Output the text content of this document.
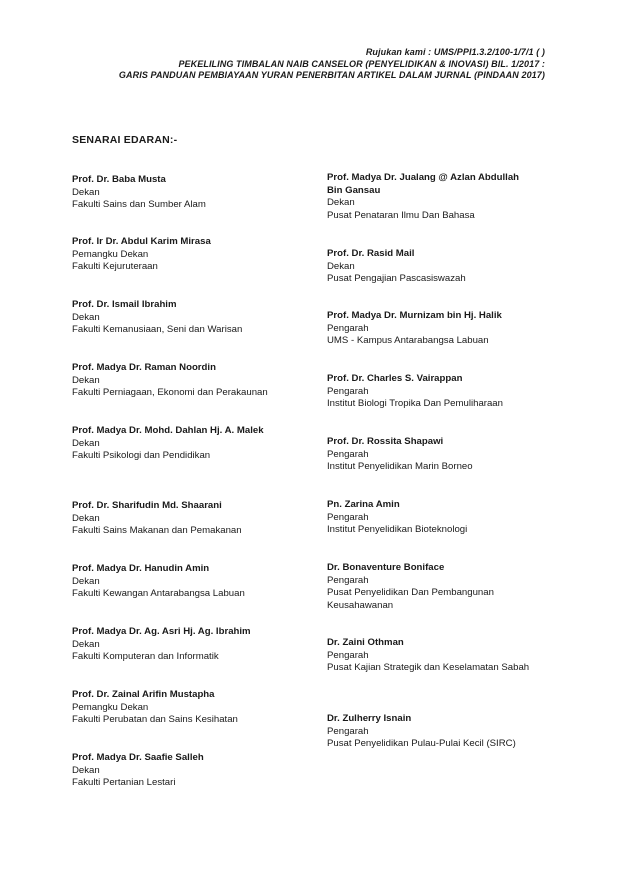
Rujukan kami : UMS/PPI1.3.2/100-1/7/1 ( )
PEKELILING TIMBALAN NAIB CANSELOR (PENYELIDIKAN & INOVASI) BIL. 1/2017 :
GARIS PANDUAN PEMBIAYAAN YURAN PENERBITAN ARTIKEL DALAM JURNAL (PINDAAN 2017)
SENARAI EDARAN:-
Prof. Dr. Baba Musta
Dekan
Fakulti Sains dan Sumber Alam
Prof. Ir Dr. Abdul Karim Mirasa
Pemangku Dekan
Fakulti Kejuruteraan
Prof. Dr. Ismail Ibrahim
Dekan
Fakulti Kemanusiaan, Seni dan Warisan
Prof. Madya Dr. Raman Noordin
Dekan
Fakulti Perniagaan, Ekonomi dan Perakaunan
Prof. Madya Dr. Mohd. Dahlan Hj. A. Malek
Dekan
Fakulti Psikologi dan Pendidikan
Prof. Dr. Sharifudin Md. Shaarani
Dekan
Fakulti Sains Makanan dan Pemakanan
Prof. Madya Dr. Hanudin Amin
Dekan
Fakulti Kewangan Antarabangsa Labuan
Prof. Madya Dr. Ag. Asri Hj. Ag. Ibrahim
Dekan
Fakulti Komputeran dan Informatik
Prof. Dr. Zainal Arifin Mustapha
Pemangku Dekan
Fakulti Perubatan dan Sains Kesihatan
Prof. Madya Dr. Saafie Salleh
Dekan
Fakulti Pertanian Lestari
Prof. Madya Dr. Jualang @ Azlan Abdullah Bin Gansau
Dekan
Pusat Penataran Ilmu Dan Bahasa
Prof. Dr. Rasid Mail
Dekan
Pusat Pengajian Pascasiswazah
Prof. Madya Dr. Murnizam bin Hj. Halik
Pengarah
UMS - Kampus Antarabangsa Labuan
Prof. Dr. Charles S. Vairappan
Pengarah
Institut Biologi Tropika Dan Pemuliharaan
Prof. Dr. Rossita Shapawi
Pengarah
Institut Penyelidikan Marin Borneo
Pn. Zarina Amin
Pengarah
Institut Penyelidikan Bioteknologi
Dr. Bonaventure Boniface
Pengarah
Pusat Penyelidikan Dan Pembangunan Keusahawanan
Dr. Zaini Othman
Pengarah
Pusat Kajian Strategik dan Keselamatan Sabah
Dr. Zulherry Isnain
Pengarah
Pusat Penyelidikan Pulau-Pulai Kecil (SIRC)
